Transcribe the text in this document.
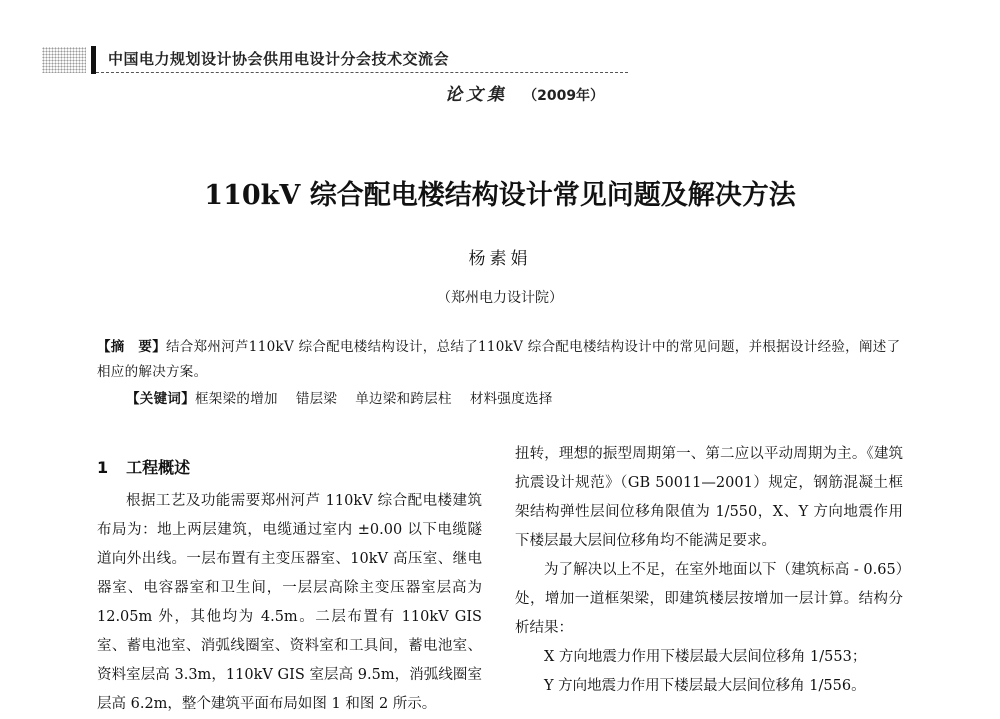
中国电力规划设计协会供用电设计分会技术交流会
论文集 （2009年）
110kV 综合配电楼结构设计常见问题及解决方法
杨素娟
（郑州电力设计院）
【摘　要】结合郑州河芦110kV 综合配电楼结构设计，总结了110kV 综合配电楼结构设计中的常见问题，并根据设计经验，阐述了相应的解决方案。
【关键词】框架梁的增加 错层梁 单边梁和跨层柱 材料强度选择
1 工程概述

根据工艺及功能需要郑州河芦 110kV 综合配电楼建筑布局为：地上两层建筑，电缆通过室内 ±0.00 以下电缆隧道向外出线。一层布置有主变压器室、10kV 高压室、继电器室、电容器室和卫生间，一层层高除主变压器室层高为 12.05m 外，其他均为 4.5m。二层布置有 110kV GIS 室、蓄电池室、消弧线圈室、资料室和工具间，蓄电池室、资料室层高 3.3m，110kV GIS 室层高 9.5m，消弧线圈室层高 6.2m，整个建筑平面布局如图 1 和图 2 所示。

扭转，理想的振型周期第一、第二应以平动周期为主。《建筑抗震设计规范》（GB 50011—2001）规定，钢筋混凝土框架结构弹性层间位移角限值为 1/550，X、Y 方向地震作用下楼层最大层间位移角均不能满足要求。

为了解决以上不足，在室外地面以下（建筑标高 - 0.65）处，增加一道框架梁，即建筑楼层按增加一层计算。结构分析结果：

X 方向地震力作用下楼层最大层间位移角 1/553；

Y 方向地震力作用下楼层最大层间位移角 1/556。
